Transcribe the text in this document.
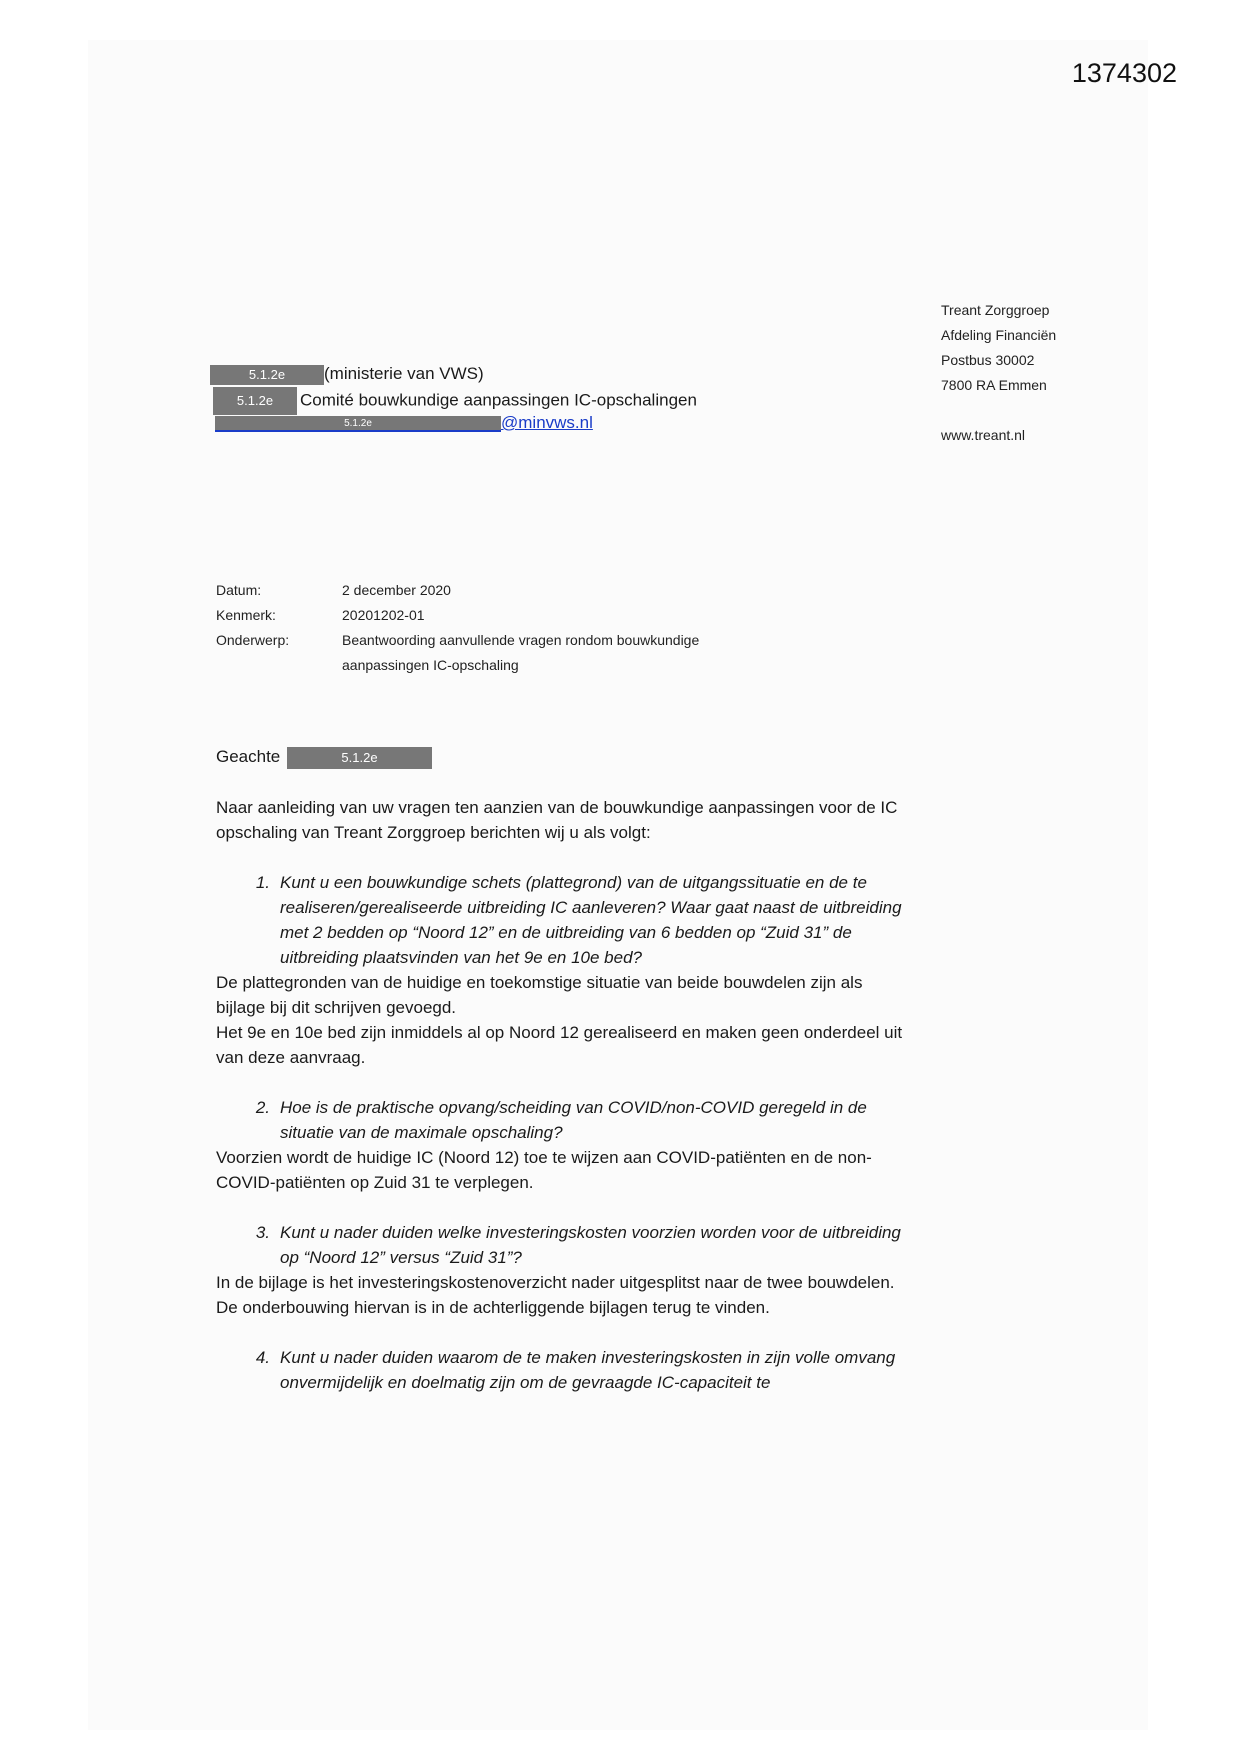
1374302
Treant Zorggroep
Afdeling Financiën
Postbus 30002
7800 RA Emmen
www.treant.nl
5.1.2e (ministerie van VWS)
5.1.2e Comité bouwkundige aanpassingen IC-opschalingen
5.1.2e	@minvws.nl
Datum:	2 december 2020
Kenmerk:	20201202-01
Onderwerp:	Beantwoording aanvullende vragen rondom bouwkundige aanpassingen IC-opschaling
Geachte	5.1.2e

Naar aanleiding van uw vragen ten aanzien van de bouwkundige aanpassingen voor de IC opschaling van Treant Zorggroep berichten wij u als volgt:

1. Kunt u een bouwkundige schets (plattegrond) van de uitgangssituatie en de te realiseren/gerealiseerde uitbreiding IC aanleveren? Waar gaat naast de uitbreiding met 2 bedden op “Noord 12” en de uitbreiding van 6 bedden op “Zuid 31” de uitbreiding plaatsvinden van het 9e en 10e bed?

De plattegronden van de huidige en toekomstige situatie van beide bouwdelen zijn als bijlage bij dit schrijven gevoegd.

Het 9e en 10e bed zijn inmiddels al op Noord 12 gerealiseerd en maken geen onderdeel uit van deze aanvraag.

2. Hoe is de praktische opvang/scheiding van COVID/non-COVID geregeld in de situatie van de maximale opschaling?

Voorzien wordt de huidige IC (Noord 12) toe te wijzen aan COVID-patiënten en de non-COVID-patiënten op Zuid 31 te verplegen.

3. Kunt u nader duiden welke investeringskosten voorzien worden voor de uitbreiding op “Noord 12” versus “Zuid 31”?

In de bijlage is het investeringskostenoverzicht nader uitgesplitst naar de twee bouwdelen. De onderbouwing hiervan is in de achterliggende bijlagen terug te vinden.

4. Kunt u nader duiden waarom de te maken investeringskosten in zijn volle omvang onvermijdelijk en doelmatig zijn om de gevraagde IC-capaciteit te
